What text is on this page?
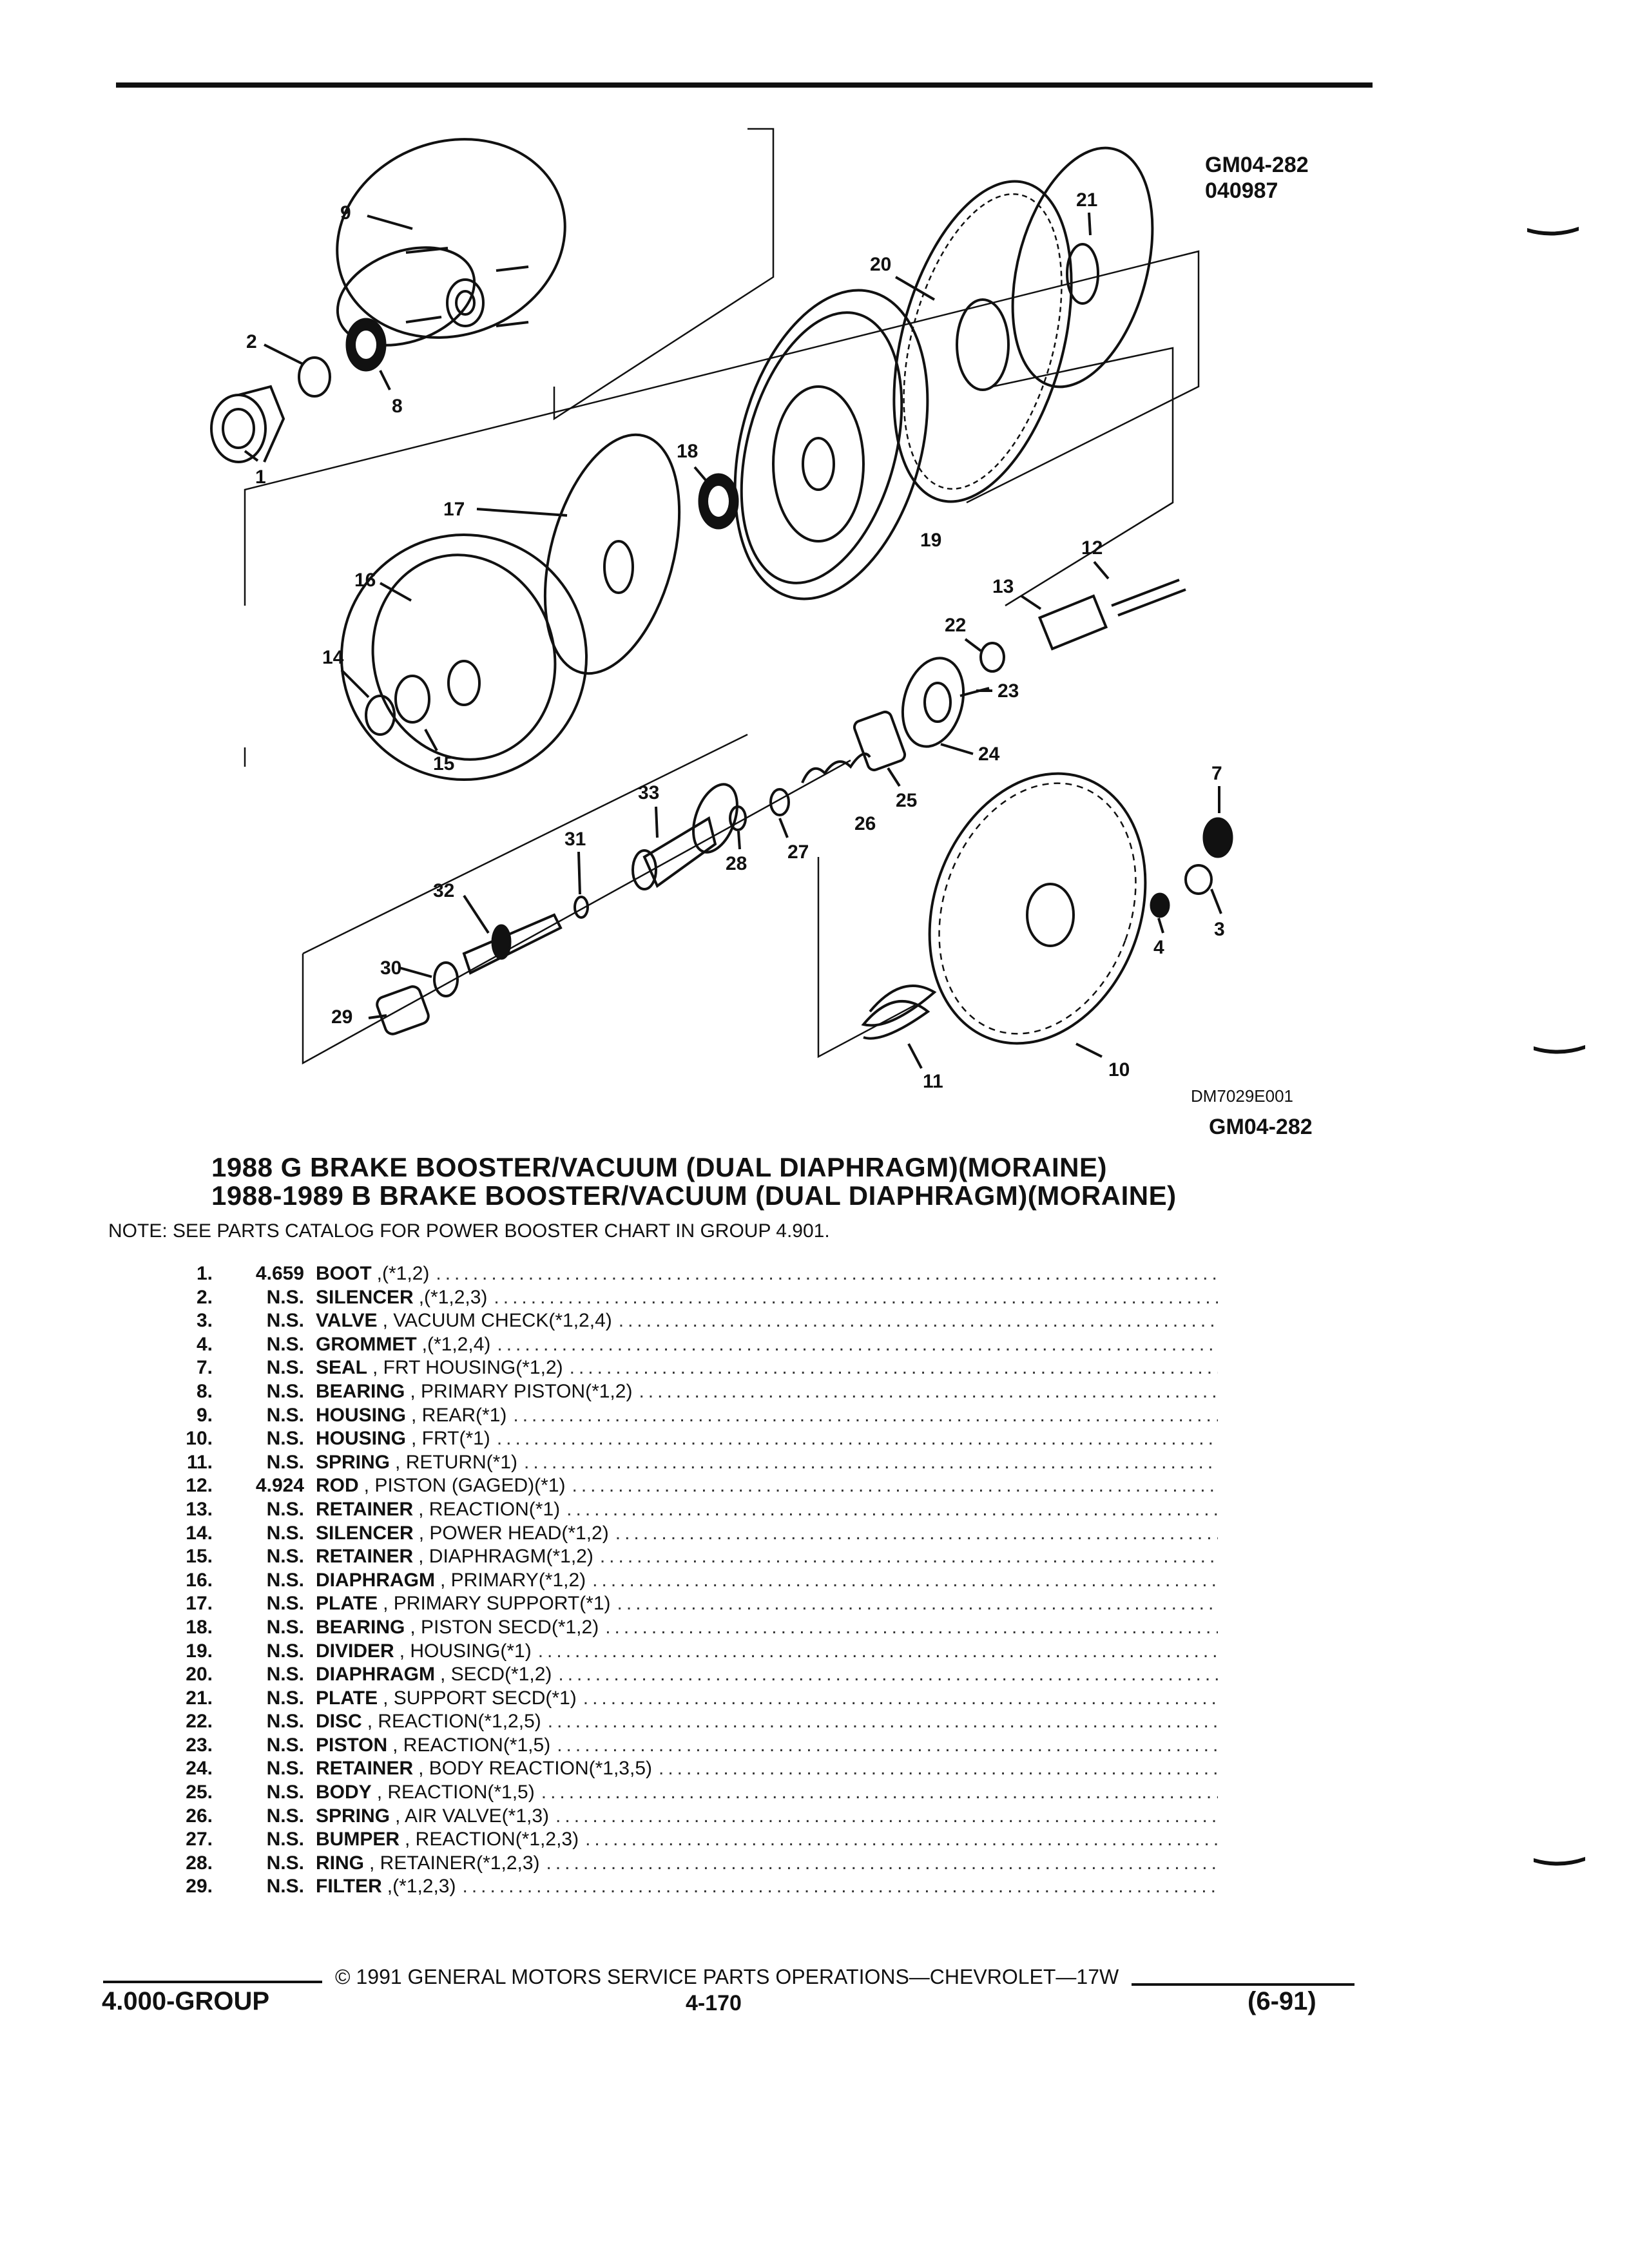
GM04-282
040987
9
21
20
2
8
1
18
17
19	12
16	13
22
14
23
15	24
7
33	25
26
31
27
28
32
4
3
30
29
11
10
DM7029E001
GM04-282
1988 G BRAKE BOOSTER/VACUUM (DUAL DIAPHRAGM)(MORAINE)
1988-1989 B BRAKE BOOSTER/VACUUM (DUAL DIAPHRAGM)(MORAINE)
NOTE: SEE PARTS CATALOG FOR POWER BOOSTER CHART IN GROUP 4.901.
1.	4.659 BOOT ,(*1,2)
.....
2.	N.S. SILENCER ,(*1,2,3)
.....
3.	N.S. VALVE , VACUUM CHECK(*1,2,4)
.....
4.	N.S. GROMMET ,(*1,2,4)
.....
7.	N.S. SEAL , FRT HOUSING(*1,2)
.....
8.	N.S. BEARING , PRIMARY PISTON(*1,2)
.....
9.	N.S. HOUSING , REAR(*1)
.....
10.	N.S. HOUSING , FRT(*1)
.....
11.	N.S. SPRING , RETURN(*1)
.....
12.	4.924 ROD , PISTON (GAGED)(*1)
.....
13.	N.S. RETAINER , REACTION(*1)
.....
14.	N.S. SILENCER , POWER HEAD(*1,2)
.....
15.	N.S. RETAINER , DIAPHRAGM(*1,2)
.....
16.	N.S. DIAPHRAGM , PRIMARY(*1,2)
.....
17.	N.S. PLATE , PRIMARY SUPPORT(*1)
.....
18.	N.S. BEARING , PISTON SECD(*1,2)
.....
19.	N.S. DIVIDER , HOUSING(*1)
.....
20.	N.S. DIAPHRAGM , SECD(*1,2)
.....
21.	N.S. PLATE , SUPPORT SECD(*1)
.....
22.	N.S. DISC , REACTION(*1,2,5)
.....
23.	N.S. PISTON , REACTION(*1,5)
.....
24.	N.S. RETAINER , BODY REACTION(*1,3,5)
.....
25.	N.S. BODY , REACTION(*1,5)
.....
26.	N.S. SPRING , AIR VALVE(*1,3)
.....
27.	N.S. BUMPER , REACTION(*1,2,3)
.....
28.	N.S. RING , RETAINER(*1,2,3)
.....
29.	N.S. FILTER ,(*1,2,3)
.....
© 1991 GENERAL MOTORS SERVICE PARTS OPERATIONS—CHEVROLET—17W
4.000-GROUP	4-170	(6-91)
